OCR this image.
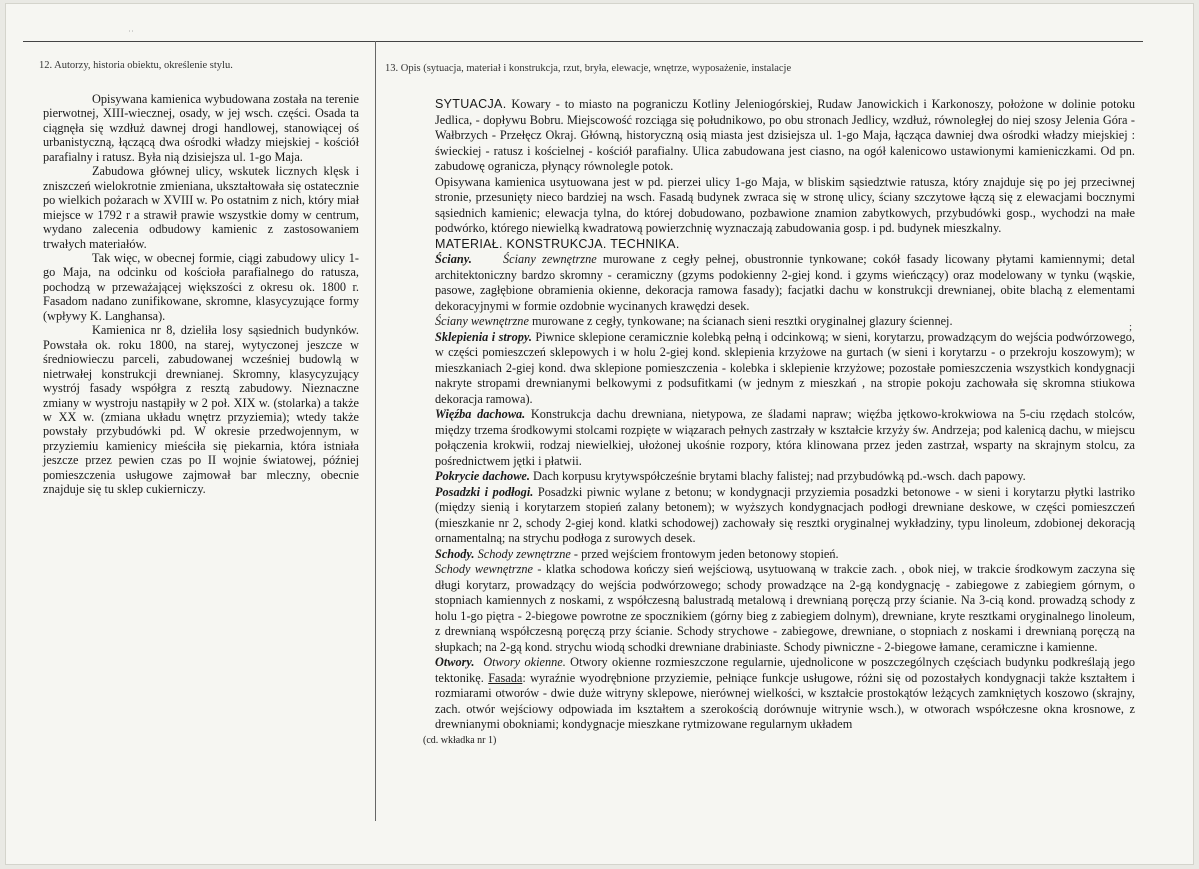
˙˙
12. Autorzy, historia obiektu, określenie stylu.	13. Opis (sytuacja, materiał i konstrukcja, rzut, bryła, elewacje, wnętrze, wyposażenie, instalacje

Opisywana kamienica wybudowana została na terenie pierwotnej, XIII-wiecznej, osady, w jej wsch. części. Osada ta ciągnęła się wzdłuż dawnej drogi handlowej, stanowiącej oś urbanistyczną, łączącą dwa ośrodki władzy miejskiej - kościół parafialny i ratusz. Była nią dzisiejsza ul. 1-go Maja.

Zabudowa głównej ulicy, wskutek licznych klęsk i zniszczeń wielokrotnie zmieniana, ukształtowała się ostatecznie po wielkich pożarach w XVIII w. Po ostatnim z nich, który miał miejsce w 1792 r a strawił prawie wszystkie domy w centrum, wydano zalecenia odbudowy kamienic z zastosowaniem trwałych materiałów.

Tak więc, w obecnej formie, ciągi zabudowy ulicy 1-go Maja, na odcinku od kościoła parafialnego do ratusza, pochodzą w przeważającej większości z okresu ok. 1800 r. Fasadom nadano zunifikowane, skromne, klasycyzujące formy (wpływy K. Langhansa).

Kamienica nr 8, dzieliła losy sąsiednich budynków. Powstała ok. roku 1800, na starej, wytyczonej jeszcze w średniowieczu parceli, zabudowanej wcześniej budowlą w nietrwałej konstrukcji drewnianej. Skromny, klasycyzujący wystrój fasady współgra z resztą zabudowy. Nieznaczne zmiany w wystroju nastąpiły w 2 poł. XIX w. (stolarka) a także w XX w. (zmiana układu wnętrz przyziemia); wtedy także powstały przybudówki pd. W okresie przedwojennym, w przyziemiu kamienicy mieściła się piekarnia, która istniała jeszcze przez pewien czas po II wojnie światowej, później pomieszczenia usługowe zajmował bar mleczny, obecnie znajduje się tu sklep cukierniczy.

SYTUACJA. Kowary - to miasto na pograniczu Kotliny Jeleniogórskiej, Rudaw Janowickich i Karkonoszy, położone w dolinie potoku Jedlica, - dopływu Bobru. Miejscowość rozciąga się południkowo, po obu stronach Jedlicy, wzdłuż, równoległej do niej szosy Jelenia Góra - Wałbrzych - Przełęcz Okraj. Główną, historyczną osią miasta jest dzisiejsza ul. 1-go Maja, łącząca dawniej dwa ośrodki władzy miejskiej : świeckiej - ratusz i kościelnej - kościół parafialny. Ulica zabudowana jest ciasno, na ogół kalenicowo ustawionymi kamieniczkami. Od pn. zabudowę ogranicza, płynący równolegle potok.

Opisywana kamienica usytuowana jest w pd. pierzei ulicy 1-go Maja, w bliskim sąsiedztwie ratusza, który znajduje się po jej przeciwnej stronie, przesunięty nieco bardziej na wsch. Fasadą budynek zwraca się w stronę ulicy, ściany szczytowe łączą się z elewacjami bocznymi sąsiednich kamienic; elewacja tylna, do której dobudowano, pozbawione znamion zabytkowych, przybudówki gosp., wychodzi na małe podwórko, którego niewielką kwadratową powierzchnię wyznaczają zabudowania gosp. i pd. budynek mieszkalny.

MATERIAŁ. KONSTRUKCJA. TECHNIKA.

Ściany.	Ściany zewnętrzne murowane z cegły pełnej, obustronnie tynkowane; cokół fasady licowany płytami kamiennymi; detal architektoniczny bardzo skromny - ceramiczny (gzyms podokienny 2-giej kond. i gzyms wieńczący) oraz modelowany w tynku (wąskie, pasowe, zagłębione obramienia okienne, dekoracja ramowa fasady); facjatki dachu w konstrukcji drewnianej, obite blachą z elementami dekoracyjnymi w formie ozdobnie wycinanych krawędzi desek.

Ściany wewnętrzne murowane z cegły, tynkowane; na ścianach sieni resztki oryginalnej glazury ściennej.

Sklepienia i stropy. Piwnice sklepione ceramicznie kolebką pełną i odcinkową; w sieni, korytarzu, prowadzącym do wejścia podwórzowego, w części pomieszczeń sklepowych i w holu 2-giej kond. sklepienia krzyżowe na gurtach (w sieni i korytarzu - o przekroju koszowym); w mieszkaniach 2-giej kond. dwa sklepione pomieszczenia - kolebka i sklepienie krzyżowe; pozostałe pomieszczenia wszystkich kondygnacji nakryte stropami drewnianymi belkowymi z podsufitkami (w jednym z mieszkań , na stropie pokoju zachowała się skromna stiukowa dekoracja ramowa).

Więźba dachowa. Konstrukcja dachu drewniana, nietypowa, ze śladami napraw; więźba jętkowo-krokwiowa na 5-ciu rzędach stolców, między trzema środkowymi stolcami rozpięte w wiązarach pełnych zastrzały w kształcie krzyży św. Andrzeja; pod kalenicą dachu, w miejscu połączenia krokwii, rodzaj niewielkiej, ułożonej ukośnie rozpory, która klinowana przez jeden zastrzał, wsparty na skrajnym stolcu, za pośrednictwem jętki i płatwii.

Pokrycie dachowe. Dach korpusu krytywspółcześnie brytami blachy falistej; nad przybudówką pd.-wsch. dach papowy.

Posadzki i podłogi. Posadzki piwnic wylane z betonu; w kondygnacji przyziemia posadzki betonowe - w sieni i korytarzu płytki lastriko (między sienią i korytarzem stopień zalany betonem); w wyższych kondygnacjach podłogi drewniane deskowe, w części pomieszczeń (mieszkanie nr 2, schody 2-giej kond. klatki schodowej) zachowały się resztki oryginalnej wykładziny, typu linoleum, zdobionej dekoracją ornamentalną; na strychu podłoga z surowych desek.

Schody. Schody zewnętrzne - przed wejściem frontowym jeden betonowy stopień.

Schody wewnętrzne - klatka schodowa kończy sień wejściową, usytuowaną w trakcie zach. , obok niej, w trakcie środkowym zaczyna się długi korytarz, prowadzący do wejścia podwórzowego; schody prowadzące na 2-gą kondygnację - zabiegowe z zabiegiem górnym, o stopniach kamiennych z noskami, z współczesną balustradą metalową i drewnianą poręczą przy ścianie. Na 3-cią kond. prowadzą schody z holu 1-go piętra - 2-biegowe powrotne ze spocznikiem (górny bieg z zabiegiem dolnym), drewniane, kryte resztkami oryginalnego linoleum, z drewnianą współczesną poręczą przy ścianie. Schody strychowe - zabiegowe, drewniane, o stopniach z noskami i drewnianą poręczą na słupkach; na 2-gą kond. strychu wiodą schodki drewniane drabiniaste. Schody piwniczne - 2-biegowe łamane, ceramiczne i kamienne.

Otwory. Otwory okienne. Otwory okienne rozmieszczone regularnie, ujednolicone w poszczególnych częściach budynku podkreślają jego tektonikę. Fasada: wyraźnie wyodrębnione przyziemie, pełniące funkcje usługowe, różni się od pozostałych kondygnacji także kształtem i rozmiarami otworów - dwie duże witryny sklepowe, nierównej wielkości, w kształcie prostokątów leżących zamkniętych koszowo (skrajny, zach. otwór wejściowy odpowiada im kształtem a szerokością dorównuje witrynie wsch.), w otworach współczesne okna krosnowe, z drewnianymi obokniami; kondygnacje mieszkane rytmizowane regularnym układem

(cd. wkładka nr 1)

;
